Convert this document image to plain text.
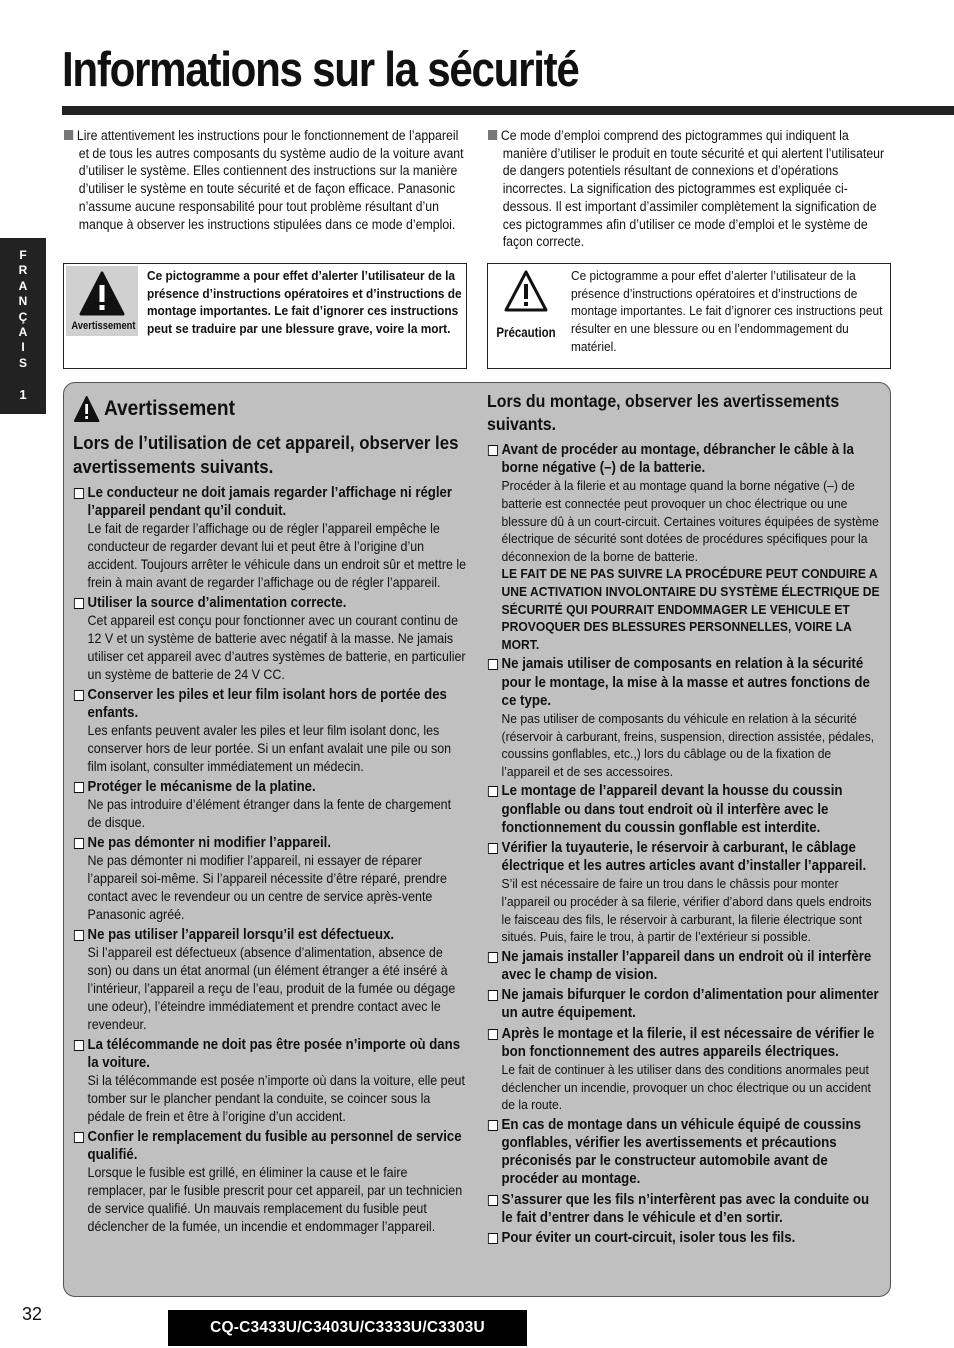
Informations sur la sécurité
F
R
A
N
Ç
A
I
S
1

Lire attentivement les instructions pour le fonctionnement de l’appareil et de tous les autres composants du système audio de la voiture avant d’utiliser le système. Elles contiennent des instructions sur la manière d’utiliser le système en toute sécurité et de façon efficace. Panasonic n’assume aucune responsabilité pour tout problème résultant d’un manque à observer les instructions stipulées dans ce mode d’emploi.

Ce mode d’emploi comprend des pictogrammes qui indiquent la manière d’utiliser le produit en toute sécurité et qui alertent l’utilisateur de dangers potentiels résultant de connexions et d’opérations incorrectes. La signification des pictogrammes est expliquée ci-dessous. Il est important d’assimiler complètement la signification de ces pictogrammes afin d’utiliser ce mode d’emploi et le système de façon correcte.

Avertissement
Ce pictogramme a pour effet d’alerter l’utilisateur de la présence d’instructions opératoires et d’instructions de montage importantes. Le fait d’ignorer ces instructions peut se traduire par une blessure grave, voire la mort.	Précaution
Ce pictogramme a pour effet d’alerter l’utilisateur de la présence d’instructions opératoires et d’instructions de montage importantes. Le fait d’ignorer ces instructions peut résulter en une blessure ou en l’endommagement du matériel.
Avertissement
Lors de l’utilisation de cet appareil, observer les avertissements suivants.
Le conducteur ne doit jamais regarder l’affichage ni régler l’appareil pendant qu’il conduit.
Le fait de regarder l’affichage ou de régler l’appareil empêche le conducteur de regarder devant lui et peut être à l’origine d’un accident. Toujours arrêter le véhicule dans un endroit sûr et mettre le frein à main avant de regarder l’affichage ou de régler l’appareil.
Utiliser la source d’alimentation correcte.
Cet appareil est conçu pour fonctionner avec un courant continu de 12 V et un système de batterie avec négatif à la masse. Ne jamais utiliser cet appareil avec d’autres systèmes de batterie, en particulier un système de batterie de 24 V CC.
Conserver les piles et leur film isolant hors de portée des enfants.
Les enfants peuvent avaler les piles et leur film isolant donc, les conserver hors de leur portée. Si un enfant avalait une pile ou son film isolant, consulter immédiatement un médecin.
Protéger le mécanisme de la platine.
Ne pas introduire d’élément étranger dans la fente de chargement de disque.
Ne pas démonter ni modifier l’appareil.
Ne pas démonter ni modifier l’appareil, ni essayer de réparer l’appareil soi-même. Si l’appareil nécessite d’être réparé, prendre contact avec le revendeur ou un centre de service après-vente Panasonic agréé.
Ne pas utiliser l’appareil lorsqu’il est défectueux.
Si l’appareil est défectueux (absence d’alimentation, absence de son) ou dans un état anormal (un élément étranger a été inséré à l’intérieur, l’appareil a reçu de l’eau, produit de la fumée ou dégage une odeur), l’éteindre immédiatement et prendre contact avec le revendeur.
La télécommande ne doit pas être posée n’importe où dans la voiture.
Si la télécommande est posée n’importe où dans la voiture, elle peut tomber sur le plancher pendant la conduite, se coincer sous la pédale de frein et être à l’origine d’un accident.
Confier le remplacement du fusible au personnel de service qualifié.
Lorsque le fusible est grillé, en éliminer la cause et le faire remplacer, par le fusible prescrit pour cet appareil, par un technicien de service qualifié. Un mauvais remplacement du fusible peut déclencher de la fumée, un incendie et endommager l’appareil.
Lors du montage, observer les avertissements suivants.
Avant de procéder au montage, débrancher le câble à la borne négative (–) de la batterie.
Procéder à la filerie et au montage quand la borne négative (–) de batterie est connectée peut provoquer un choc électrique ou une blessure dû à un court-circuit. Certaines voitures équipées de système électrique de sécurité sont dotées de procédures spécifiques pour la déconnexion de la borne de batterie.
LE FAIT DE NE PAS SUIVRE LA PROCÉDURE PEUT CONDUIRE A UNE ACTIVATION INVOLONTAIRE DU SYSTÈME ÉLECTRIQUE DE SÉCURITÉ QUI POURRAIT ENDOMMAGER LE VEHICULE ET PROVOQUER DES BLESSURES PERSONNELLES, VOIRE LA MORT.
Ne jamais utiliser de composants en relation à la sécurité pour le montage, la mise à la masse et autres fonctions de ce type.
Ne pas utiliser de composants du véhicule en relation à la sécurité (réservoir à carburant, freins, suspension, direction assistée, pédales, coussins gonflables, etc.,) lors du câblage ou de la fixation de l’appareil et de ses accessoires.
Le montage de l’appareil devant la housse du coussin gonflable ou dans tout endroit où il interfère avec le fonctionnement du coussin gonflable est interdite.
Vérifier la tuyauterie, le réservoir à carburant, le câblage électrique et les autres articles avant d’installer l’appareil.
S’il est nécessaire de faire un trou dans le châssis pour monter l’appareil ou procéder à sa filerie, vérifier d’abord dans quels endroits le faisceau des fils, le réservoir à carburant, la filerie électrique sont situés. Puis, faire le trou, à partir de l’extérieur si possible.
Ne jamais installer l’appareil dans un endroit où il interfère avec le champ de vision.
Ne jamais bifurquer le cordon d’alimentation pour alimenter un autre équipement.
Après le montage et la filerie, il est nécessaire de vérifier le bon fonctionnement des autres appareils électriques.
Le fait de continuer à les utiliser dans des conditions anormales peut déclencher un incendie, provoquer un choc électrique ou un accident de la route.
En cas de montage dans un véhicule équipé de coussins gonflables, vérifier les avertissements et précautions préconisés par le constructeur automobile avant de procéder au montage.
S’assurer que les fils n’interfèrent pas avec la conduite ou le fait d’entrer dans le véhicule et d’en sortir.
Pour éviter un court-circuit, isoler tous les fils.
32
CQ-C3433U/C3403U/C3333U/C3303U
